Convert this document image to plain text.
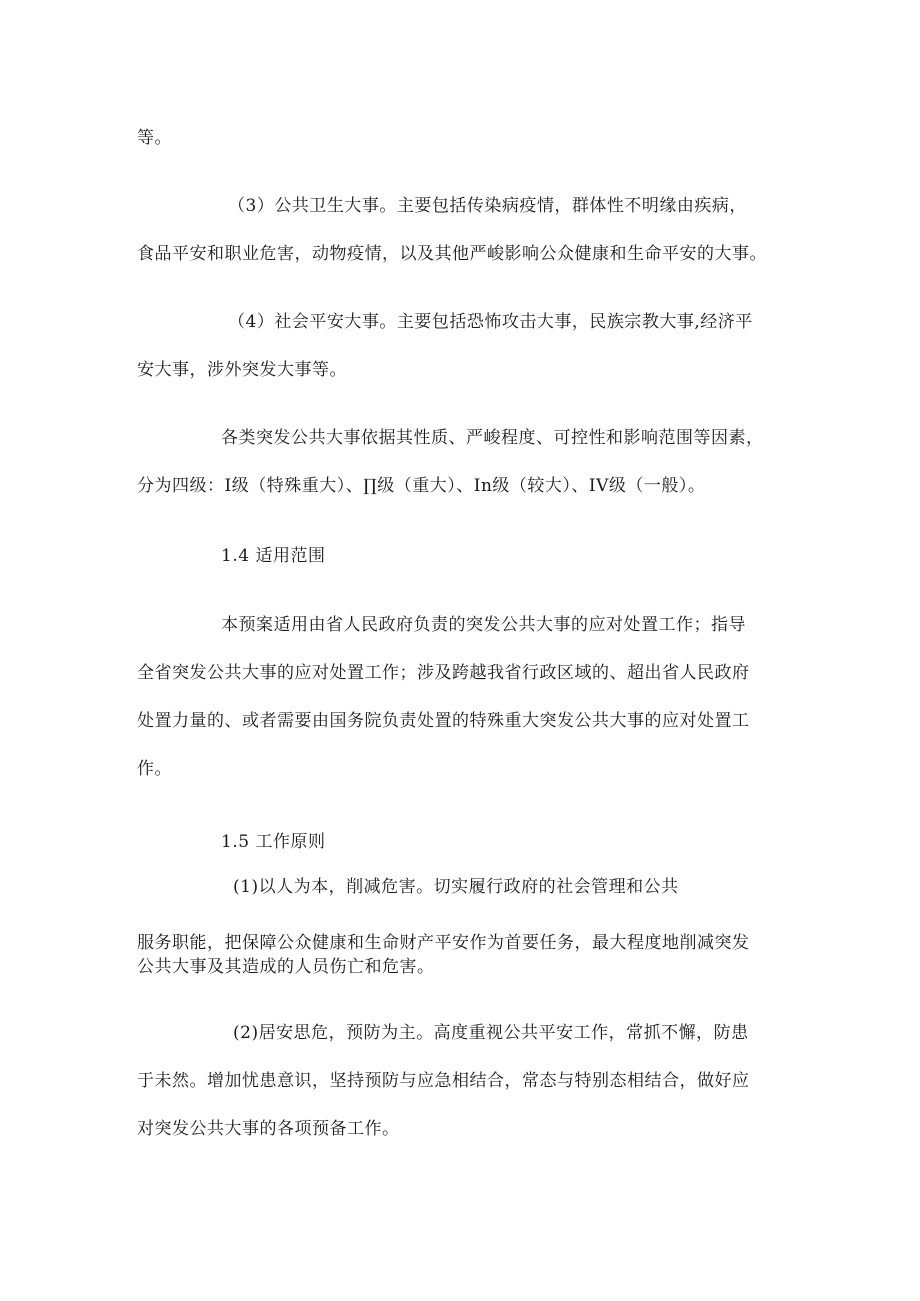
等。
（3）公共卫生大事。主要包括传染病疫情，群体性不明缘由疾病，
食品平安和职业危害，动物疫情，以及其他严峻影响公众健康和生命平安的大事。
（4）社会平安大事。主要包括恐怖攻击大事，民族宗教大事,经济平
安大事，涉外突发大事等。
各类突发公共大事依据其性质、严峻程度、可控性和影响范围等因素，
分为四级：I级（特殊重大）、∏级（重大）、In级（较大）、IV级（一般）。
1.4 适用范围
本预案适用由省人民政府负责的突发公共大事的应对处置工作；指导
全省突发公共大事的应对处置工作；涉及跨越我省行政区域的、超出省人民政府
处置力量的、或者需要由国务院负责处置的特殊重大突发公共大事的应对处置工
作。
1.5 工作原则
(1)以人为本，削减危害。切实履行政府的社会管理和公共
服务职能，把保障公众健康和生命财产平安作为首要任务，最大程度地削减突发
公共大事及其造成的人员伤亡和危害。
(2)居安思危，预防为主。高度重视公共平安工作，常抓不懈，防患
于未然。增加忧患意识，坚持预防与应急相结合，常态与特别态相结合，做好应
对突发公共大事的各项预备工作。
